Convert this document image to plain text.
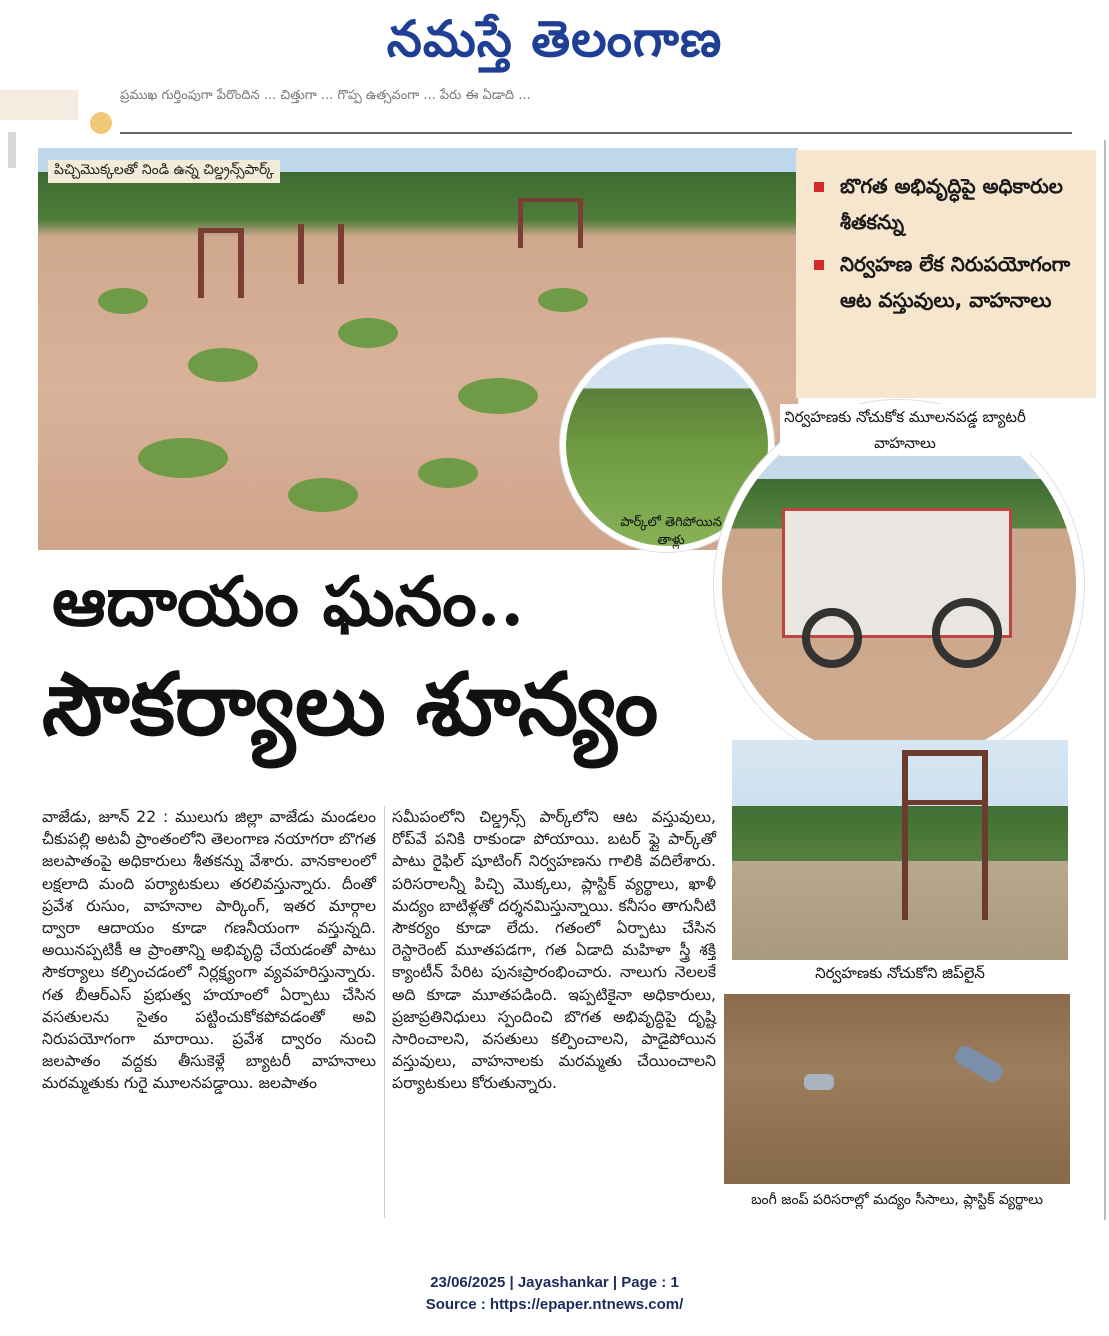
నమస్తే తెలంగాణ
ప్రముఖ గుర్తింపుగా పేరొందిన ... చిత్తుగా ... గొప్ప ఉత్సవంగా ... పేరు ఈ ఏడాది ...
పిచ్చిమొక్కలతో నిండి ఉన్న చిల్డ్రన్స్‌పార్క్
బొగత అభివృద్ధిపై అధికారుల శీతకన్ను
నిర్వహణ లేక నిరుపయోగంగా ఆట వస్తువులు, వాహనాలు
పార్క్‌లో తెగిపోయిన తాళ్లు
నిర్వహణకు నోచుకోక మూలనపడ్డ బ్యాటరీ వాహనాలు
ఆదాయం ఘనం..
సౌకర్యాలు శూన్యం
నిర్వహణకు నోచుకోని జిప్‌లైన్
బంగీ జంప్ పరిసరాల్లో మద్యం సీసాలు, ప్లాస్టిక్ వ్యర్థాలు
వాజేడు, జూన్ 22 : ములుగు జిల్లా వాజేడు మండలం చీకుపల్లి అటవీ ప్రాంతంలోని తెలంగాణ నయాగరా బొగత జలపాతంపై అధికారులు శీతకన్ను వేశారు. వానకాలంలో లక్షలాది మంది పర్యాటకులు తరలివస్తున్నారు. దీంతో ప్రవేశ రుసుం, వాహనాల పార్కింగ్, ఇతర మార్గాల ద్వారా ఆదాయం కూడా గణనీయంగా వస్తున్నది. అయినప్పటికీ ఆ ప్రాంతాన్ని అభివృద్ధి చేయడంతో పాటు సౌకర్యాలు కల్పించడంలో నిర్లక్ష్యంగా వ్యవహరిస్తున్నారు. గత బీఆర్‌ఎస్ ప్రభుత్వ హయాంలో ఏర్పాటు చేసిన వసతులను సైతం పట్టించుకోకపోవడంతో అవి నిరుపయోగంగా మారాయి. ప్రవేశ ద్వారం నుంచి జలపాతం వద్దకు తీసుకెళ్లే బ్యాటరీ వాహనాలు మరమ్మతుకు గురై మూలనపడ్డాయి. జలపాతం
సమీపంలోని చిల్డ్రన్స్ పార్క్‌లోని ఆట వస్తువులు, రోప్‌వే పనికి రాకుండా పోయాయి. బటర్ ఫ్లై పార్క్‌తో పాటు రైఫిల్ షూటింగ్ నిర్వహణను గాలికి వదిలేశారు. పరిసరాలన్నీ పిచ్చి మొక్కలు, ప్లాస్టిక్ వ్యర్థాలు, ఖాళీ మద్యం బాటిళ్లతో దర్శనమిస్తున్నాయి. కనీసం తాగునీటి సౌకర్యం కూడా లేదు. గతంలో ఏర్పాటు చేసిన రెస్టారెంట్ మూతపడగా, గత ఏడాది మహిళా స్త్రీ శక్తి క్యాంటీన్ పేరిట పునఃప్రారంభించారు. నాలుగు నెలలకే అది కూడా మూతపడింది. ఇప్పటికైనా అధికారులు, ప్రజాప్రతినిధులు స్పందించి బొగత అభివృద్ధిపై దృష్టి సారించాలని, వసతులు కల్పించాలని, పాడైపోయిన వస్తువులు, వాహనాలకు మరమ్మతు చేయించాలని పర్యాటకులు కోరుతున్నారు.
23/06/2025 | Jayashankar | Page : 1
Source : https://epaper.ntnews.com/
